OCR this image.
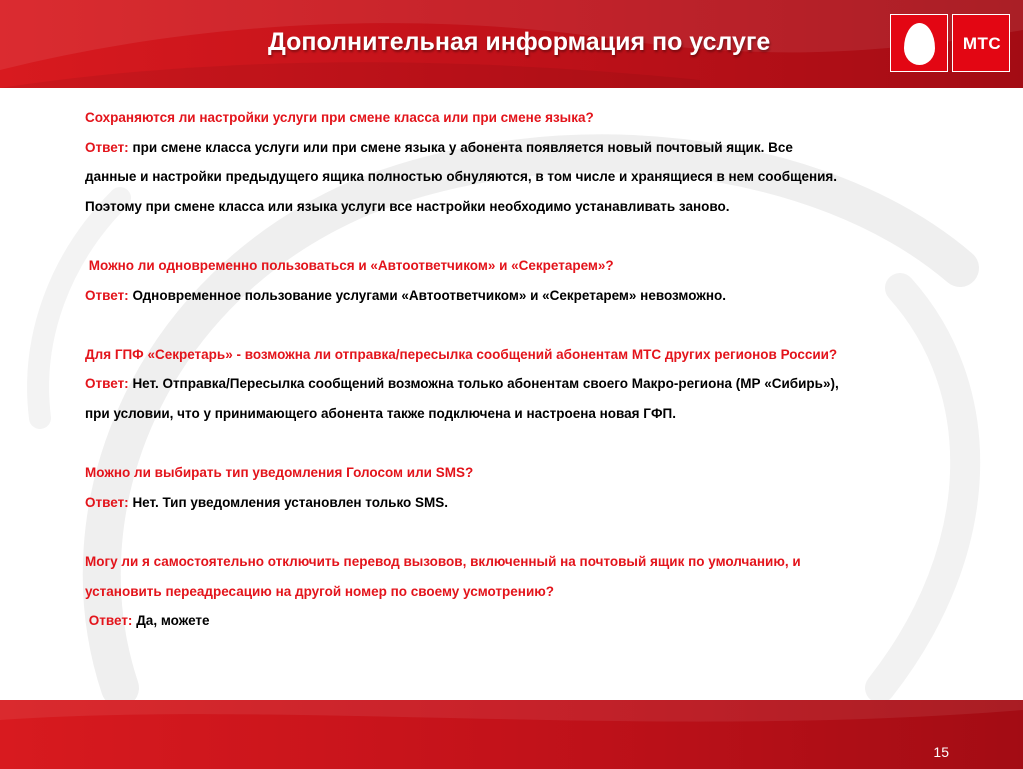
Дополнительная информация по услуге	МТС
Сохраняются ли настройки услуги при смене класса или при смене языка?
Ответ: при смене класса услуги или при смене языка у абонента появляется новый почтовый ящик. Все
данные и настройки предыдущего ящика полностью обнуляются, в том числе и хранящиеся в нем сообщения.
Поэтому при смене класса или языка услуги все настройки необходимо устанавливать заново.
Можно ли одновременно пользоваться и «Автоответчиком» и «Секретарем»?
Ответ: Одновременное пользование услугами «Автоответчиком» и «Секретарем» невозможно.
Для ГПФ «Секретарь» - возможна ли отправка/пересылка сообщений абонентам МТС других регионов России?
Ответ: Нет. Отправка/Пересылка сообщений возможна только абонентам своего Макро-региона (МР «Сибирь»),
при условии, что у принимающего абонента также подключена и настроена новая ГФП.
Можно ли выбирать тип уведомления Голосом или SMS?
Ответ: Нет. Тип уведомления установлен только SMS.
Могу ли я самостоятельно отключить перевод вызовов, включенный на почтовый ящик по умолчанию, и
установить переадресацию на другой номер по своему усмотрению?
Ответ: Да, можете
15
